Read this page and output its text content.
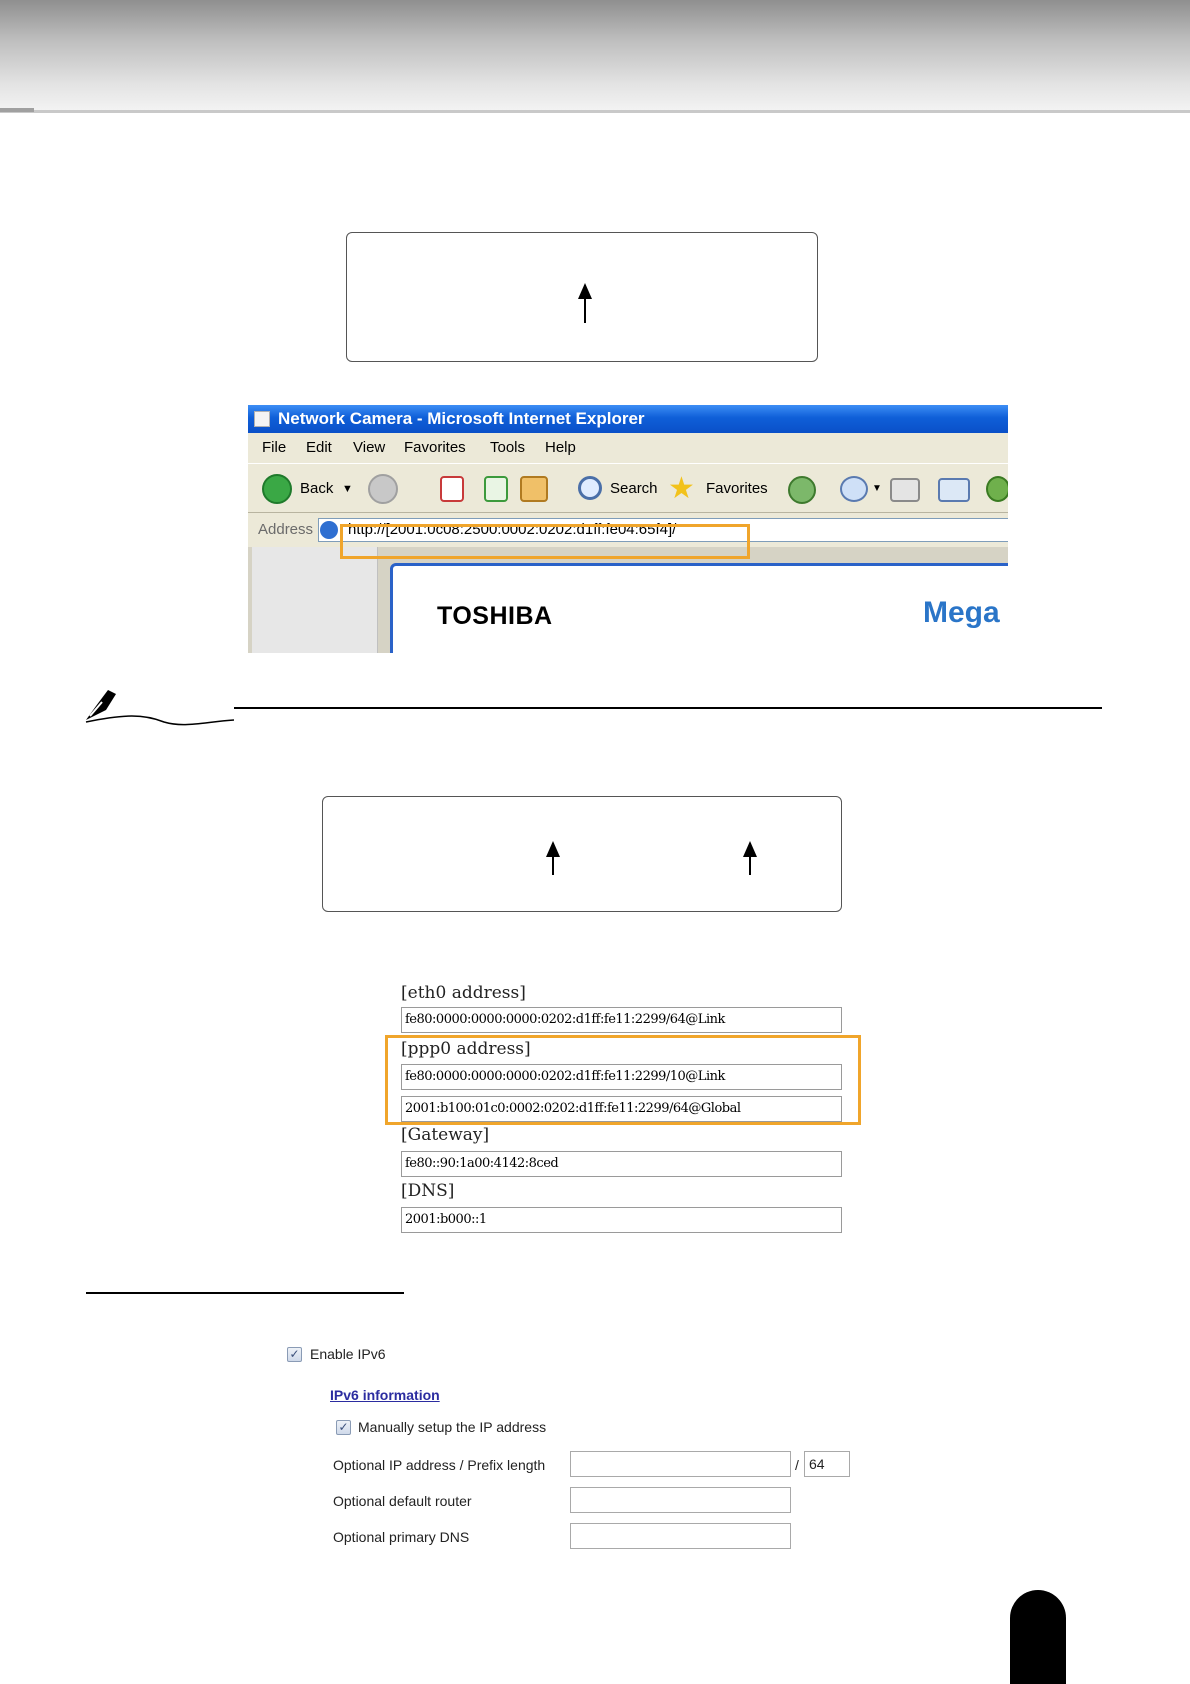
Network Camera - Microsoft Internet Explorer
File Edit View Favorites Tools Help
Back ▼	Search ★ Favorites	▼
Address http://[2001:0c08:2500:0002:0202:d1ff:fe04:65f4]/
TOSHIBA	Mega
[eth0 address]
fe80:0000:0000:0000:0202:d1ff:fe11:2299/64@Link
[ppp0 address]
fe80:0000:0000:0000:0202:d1ff:fe11:2299/10@Link
2001:b100:01c0:0002:0202:d1ff:fe11:2299/64@Global
[Gateway]
fe80::90:1a00:4142:8ced
[DNS]
2001:b000::1
✓ Enable IPv6
IPv6 information
✓ Manually setup the IP address
Optional IP address / Prefix length	/ 64
Optional default router
Optional primary DNS
